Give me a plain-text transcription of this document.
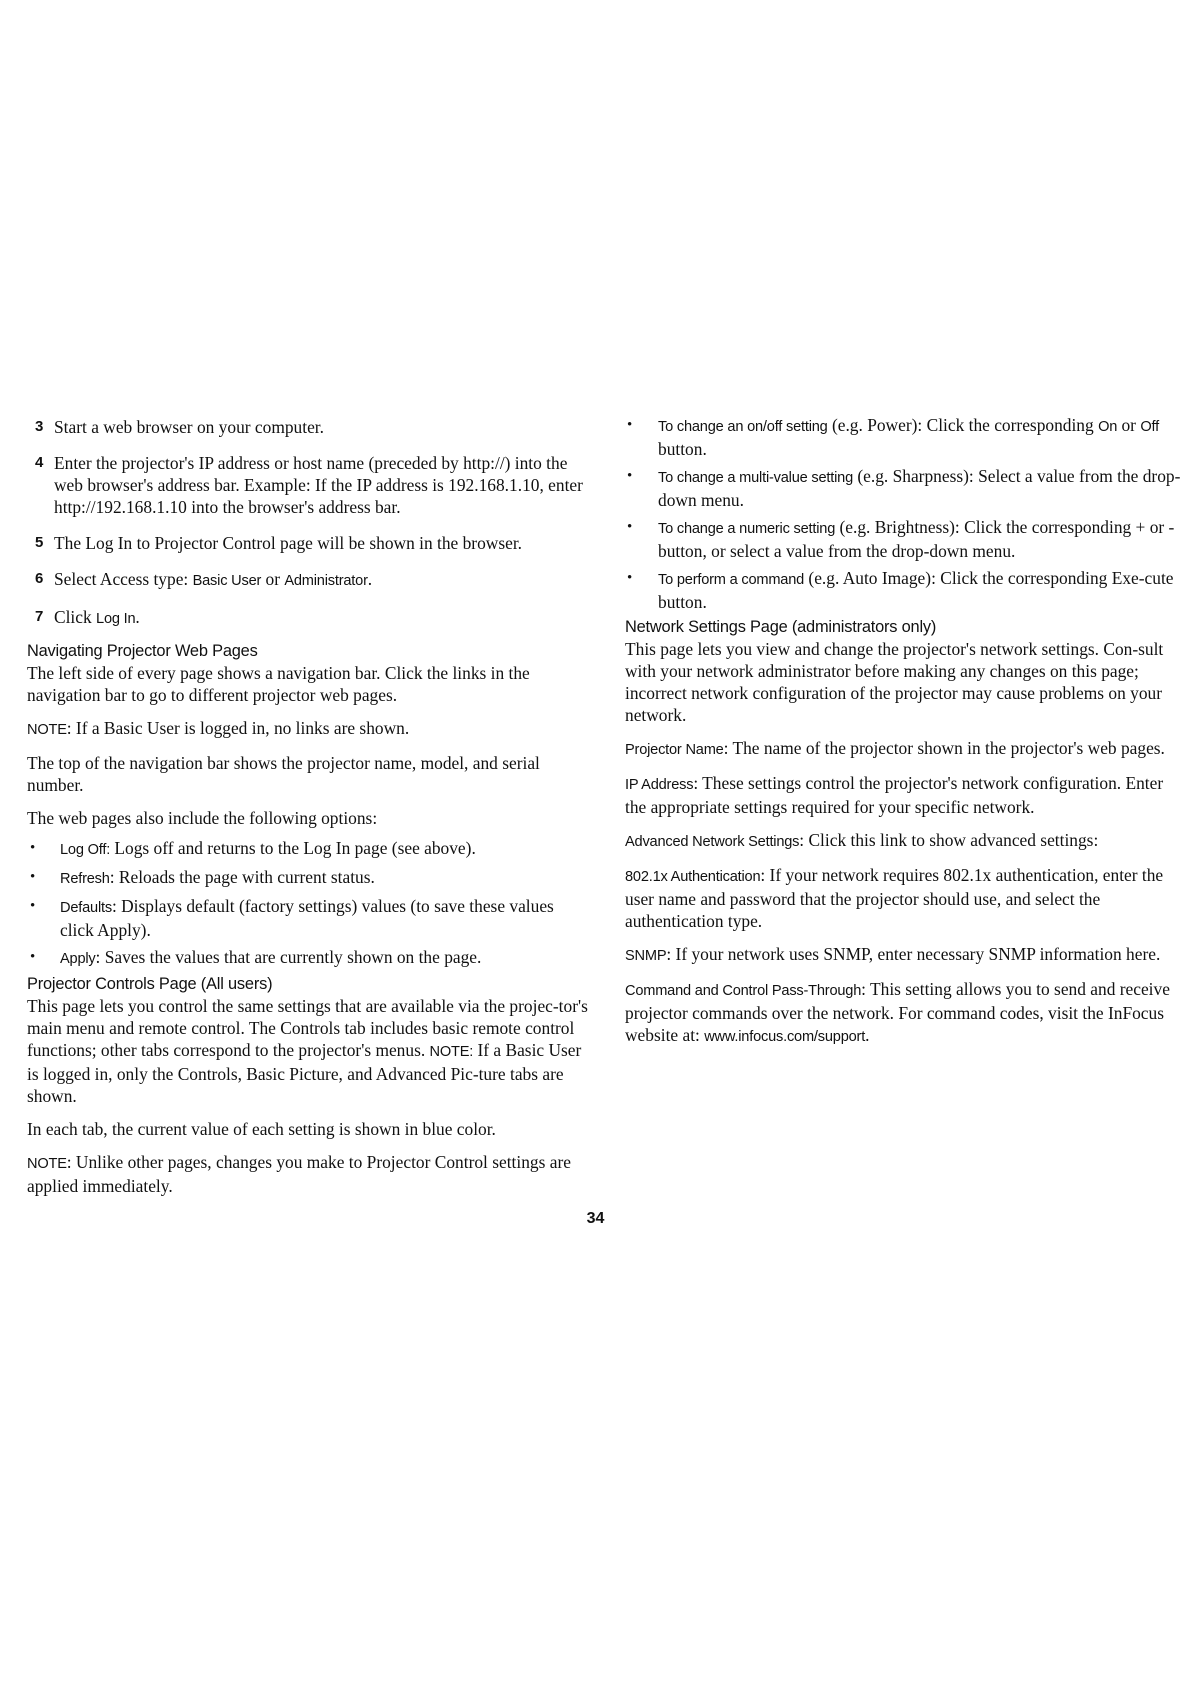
3 Start a web browser on your computer.
4 Enter the projector's IP address or host name (preceded by http://) into the web browser's address bar. Example: If the IP address is 192.168.1.10, enter http://192.168.1.10 into the browser's address bar.
5 The Log In to Projector Control page will be shown in the browser.
6 Select Access type: Basic User or Administrator.
7 Click Log In.
Navigating Projector Web Pages

The left side of every page shows a navigation bar. Click the links in the navigation bar to go to different projector web pages.

NOTE: If a Basic User is logged in, no links are shown.

The top of the navigation bar shows the projector name, model, and serial number.

The web pages also include the following options:

•	Log Off: Logs off and returns to the Log In page (see above).
•	Refresh: Reloads the page with current status.
•	Defaults: Displays default (factory settings) values (to save these values click Apply).
•	Apply: Saves the values that are currently shown on the page.
Projector Controls Page (All users)

This page lets you control the same settings that are available via the projec-tor's main menu and remote control. The Controls tab includes basic remote control functions; other tabs correspond to the projector's menus. NOTE: If a Basic User is logged in, only the Controls, Basic Picture, and Advanced Pic-ture tabs are shown.

In each tab, the current value of each setting is shown in blue color.

NOTE: Unlike other pages, changes you make to Projector Control settings are applied immediately.

•	To change an on/off setting (e.g. Power): Click the corresponding On or Off button.
•	To change a multi-value setting (e.g. Sharpness): Select a value from the drop-down menu.
•	To change a numeric setting (e.g. Brightness): Click the corresponding + or - button, or select a value from the drop-down menu.
•	To perform a command (e.g. Auto Image): Click the corresponding Exe-cute button.
Network Settings Page (administrators only)

This page lets you view and change the projector's network settings. Con-sult with your network administrator before making any changes on this page; incorrect network configuration of the projector may cause problems on your network.

Projector Name: The name of the projector shown in the projector's web pages.

IP Address: These settings control the projector's network configuration. Enter the appropriate settings required for your specific network.

Advanced Network Settings: Click this link to show advanced settings:

802.1x Authentication: If your network requires 802.1x authentication, enter the user name and password that the projector should use, and select the authentication type.

SNMP: If your network uses SNMP, enter necessary SNMP information here.

Command and Control Pass-Through: This setting allows you to send and receive projector commands over the network. For command codes, visit the InFocus website at: www.infocus.com/support.

34
